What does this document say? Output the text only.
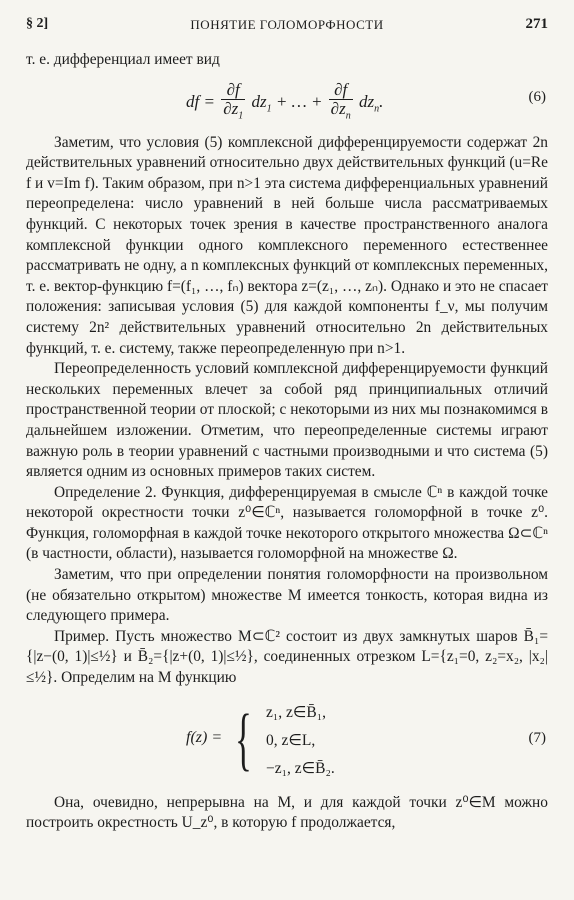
§ 2]	ПОНЯТИЕ ГОЛОМОРФНОСТИ	271

т. е. дифференциал имеет вид

df = $\frac{\partial f}{\partial z_1} dz_1$ + … + $\frac{\partial f}{\partial z_n} dz_n$.	(6)

Заметим, что условия (5) комплексной дифференцируемости содержат 2n действительных уравнений относительно двух действительных функций (u=Re f и v=Im f). Таким образом, при n>1 эта система дифференциальных уравнений переопределена: число уравнений в ней больше числа рассматриваемых функций. С некоторых точек зрения в качестве пространственного аналога комплексной функции одного комплексного переменного естественнее рассматривать не одну, а n комплексных функций от комплексных переменных, т. е. вектор-функцию f=(f₁, …, fₙ) вектора z=(z₁, …, zₙ). Однако и это не спасает положения: записывая условия (5) для каждой компоненты f_ν, мы получим систему 2n² действительных уравнений относительно 2n действительных функций, т. е. систему, также переопределенную при n>1.

Переопределенность условий комплексной дифференцируемости функций нескольких переменных влечет за собой ряд принципиальных отличий пространственной теории от плоской; с некоторыми из них мы познакомимся в дальнейшем изложении. Отметим, что переопределенные системы играют важную роль в теории уравнений с частными производными и что система (5) является одним из основных примеров таких систем.

Определение 2. Функция, дифференцируемая в смысле ℂⁿ в каждой точке некоторой окрестности точки z⁰∈ℂⁿ, называется голоморфной в точке z⁰. Функция, голоморфная в каждой точке некоторого открытого множества Ω⊂ℂⁿ (в частности, области), называется голоморфной на множестве Ω.

Заметим, что при определении понятия голоморфности на произвольном (не обязательно открытом) множестве M имеется тонкость, которая видна из следующего примера.

Пример. Пусть множество M⊂ℂ² состоит из двух замкнутых шаров B̄₁={|z−(0, 1)|≤½} и B̄₂={|z+(0, 1)|≤½}, соединенных отрезком L={z₁=0, z₂=x₂, |x₂|≤½}. Определим на M функцию

f(z) = { z₁, z∈B̄₁,
0, z∈L,
−z₁, z∈B̄₂.
(7)

Она, очевидно, непрерывна на M, и для каждой точки z⁰∈M можно построить окрестность U_z⁰, в которую f продолжается,
